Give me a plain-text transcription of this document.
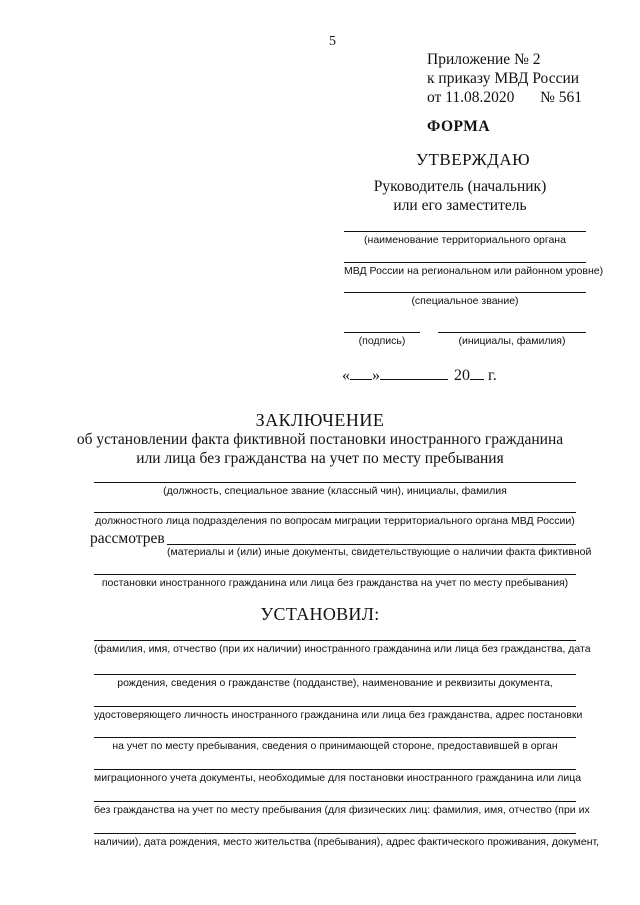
5
Приложение № 2
к приказу МВД России
от 11.08.2020 № 561
ФОРМА
УТВЕРЖДАЮ
Руководитель (начальник)
или его заместитель
(наименование территориального органа
МВД России на региональном или районном уровне)
(специальное звание)
(подпись)	(инициалы, фамилия)
« »	20 г.
ЗАКЛЮЧЕНИЕ
об установлении факта фиктивной постановки иностранного гражданина
или лица без гражданства на учет по месту пребывания
(должность, специальное звание (классный чин), инициалы, фамилия
должностного лица подразделения по вопросам миграции территориального органа МВД России)
рассмотрев
(материалы и (или) иные документы, свидетельствующие о наличии факта фиктивной
постановки иностранного гражданина или лица без гражданства на учет по месту пребывания)
УСТАНОВИЛ:
(фамилия, имя, отчество (при их наличии) иностранного гражданина или лица без гражданства, дата
рождения, сведения о гражданстве (подданстве), наименование и реквизиты документа,
удостоверяющего личность иностранного гражданина или лица без гражданства, адрес постановки
на учет по месту пребывания, сведения о принимающей стороне, предоставившей в орган
миграционного учета документы, необходимые для постановки иностранного гражданина или лица
без гражданства на учет по месту пребывания (для физических лиц: фамилия, имя, отчество (при их
наличии), дата рождения, место жительства (пребывания), адрес фактического проживания, документ,
